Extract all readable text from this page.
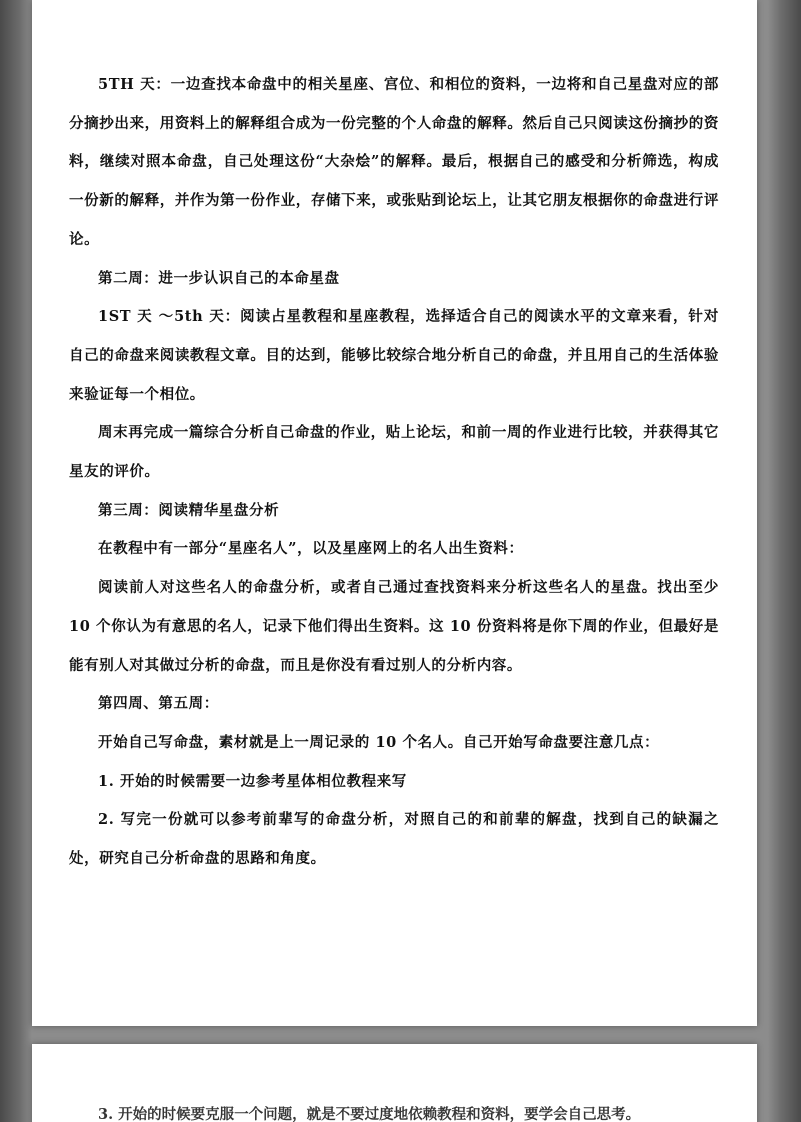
5TH 天：一边查找本命盘中的相关星座、宫位、和相位的资料，一边将和自己星盘对应的部分摘抄出来，用资料上的解释组合成为一份完整的个人命盘的解释。然后自己只阅读这份摘抄的资料，继续对照本命盘，自己处理这份“大杂烩”的解释。最后，根据自己的感受和分析筛选，构成一份新的解释，并作为第一份作业，存储下来，或张贴到论坛上，让其它朋友根据你的命盘进行评论。

第二周：进一步认识自己的本命星盘

1ST 天 ～5th 天：阅读占星教程和星座教程，选择适合自己的阅读水平的文章来看，针对自己的命盘来阅读教程文章。目的达到，能够比较综合地分析自己的命盘，并且用自己的生活体验来验证每一个相位。

周末再完成一篇综合分析自己命盘的作业，贴上论坛，和前一周的作业进行比较，并获得其它星友的评价。

第三周：阅读精华星盘分析

在教程中有一部分“星座名人”，以及星座网上的名人出生资料：

阅读前人对这些名人的命盘分析，或者自己通过查找资料来分析这些名人的星盘。找出至少 10 个你认为有意思的名人，记录下他们得出生资料。这 10 份资料将是你下周的作业，但最好是能有别人对其做过分析的命盘，而且是你没有看过别人的分析内容。

第四周、第五周：

开始自己写命盘，素材就是上一周记录的 10 个名人。自己开始写命盘要注意几点：

1. 开始的时候需要一边参考星体相位教程来写

2. 写完一份就可以参考前辈写的命盘分析，对照自己的和前辈的解盘，找到自己的缺漏之处，研究自己分析命盘的思路和角度。

3. 开始的时候要克服一个问题，就是不要过度地依赖教程和资料，要学会自己思考。
